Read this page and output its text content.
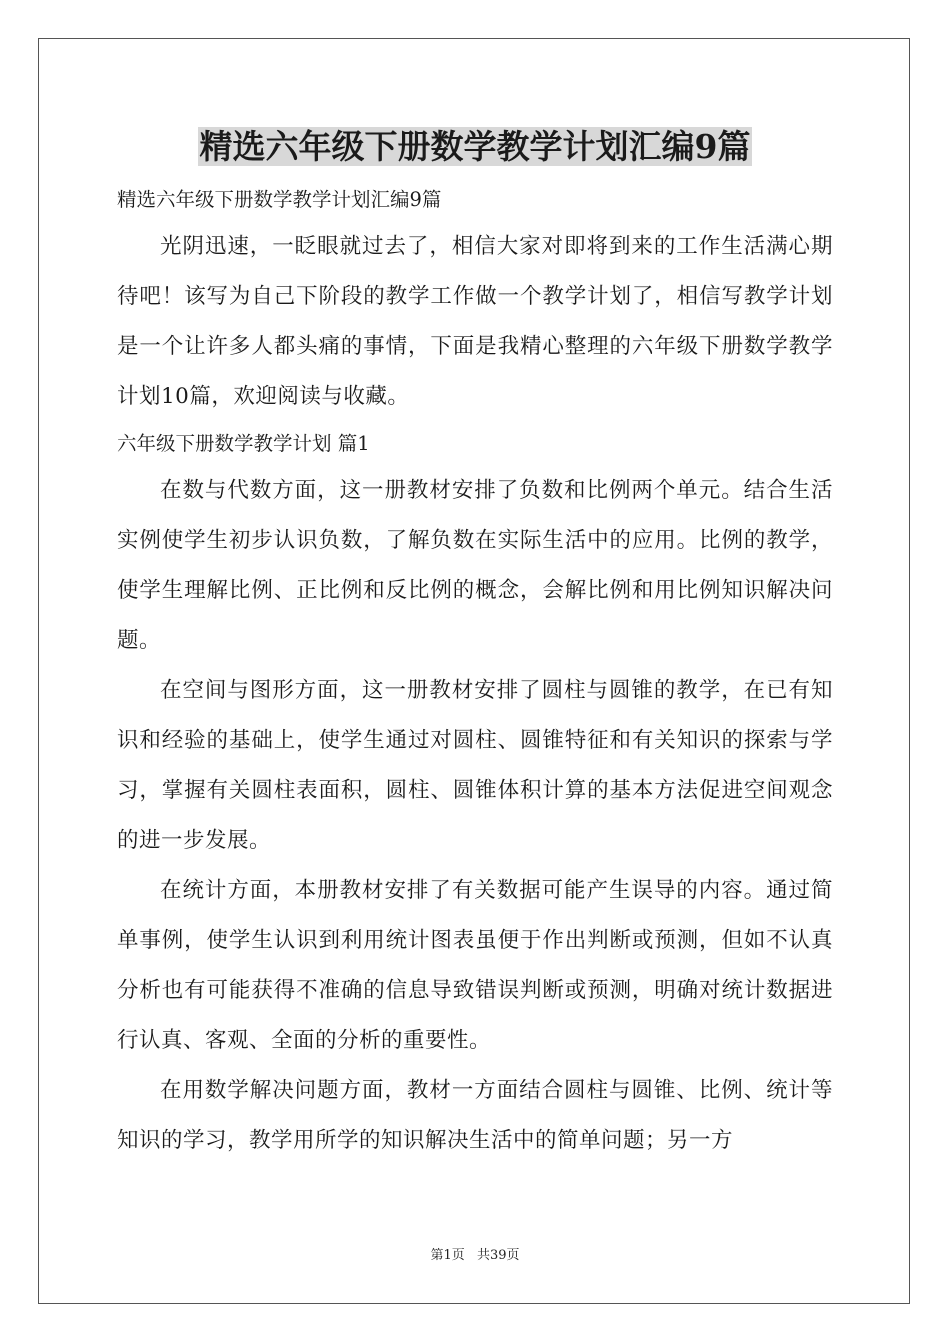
精选六年级下册数学教学计划汇编9篇

精选六年级下册数学教学计划汇编9篇

光阴迅速，一眨眼就过去了，相信大家对即将到来的工作生活满心期待吧！该写为自己下阶段的教学工作做一个教学计划了，相信写教学计划是一个让许多人都头痛的事情，下面是我精心整理的六年级下册数学教学计划10篇，欢迎阅读与收藏。

六年级下册数学教学计划 篇1

在数与代数方面，这一册教材安排了负数和比例两个单元。结合生活实例使学生初步认识负数，了解负数在实际生活中的应用。比例的教学，使学生理解比例、正比例和反比例的概念，会解比例和用比例知识解决问题。

在空间与图形方面，这一册教材安排了圆柱与圆锥的教学，在已有知识和经验的基础上，使学生通过对圆柱、圆锥特征和有关知识的探索与学习，掌握有关圆柱表面积，圆柱、圆锥体积计算的基本方法促进空间观念的进一步发展。

在统计方面，本册教材安排了有关数据可能产生误导的内容。通过简单事例，使学生认识到利用统计图表虽便于作出判断或预测，但如不认真分析也有可能获得不准确的信息导致错误判断或预测，明确对统计数据进行认真、客观、全面的分析的重要性。

在用数学解决问题方面，教材一方面结合圆柱与圆锥、比例、统计等知识的学习，教学用所学的知识解决生活中的简单问题；另一方

第1页 共39页
